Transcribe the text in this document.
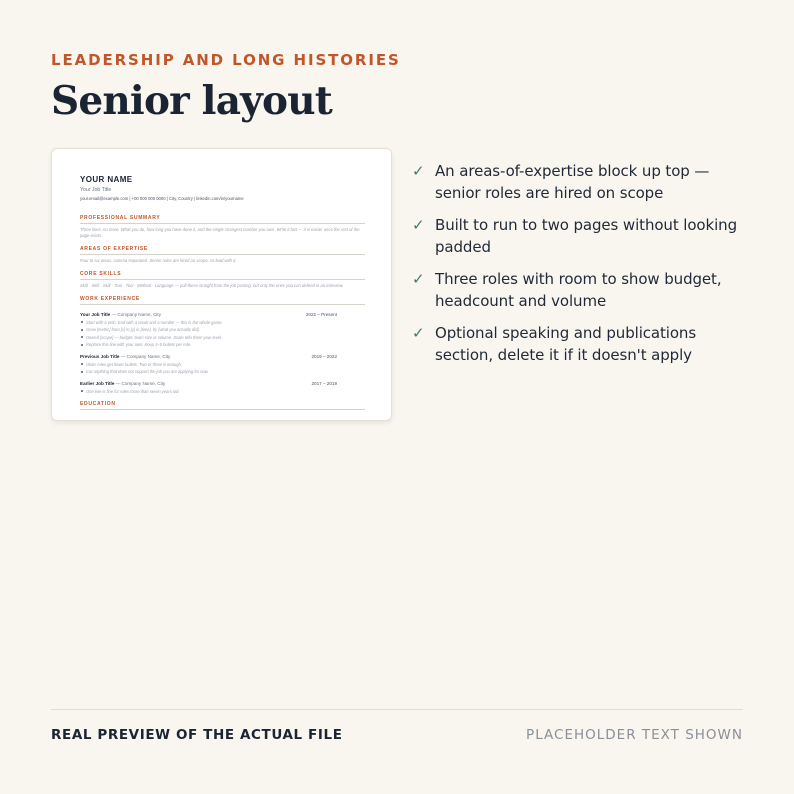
LEADERSHIP AND LONG HISTORIES
Senior layout
YOUR NAME
Your Job Title
your.email@example.com | +00 000 000 0000 | City, Country | linkedin.com/in/yourname
PROFESSIONAL SUMMARY
Three lines, no more. What you do, how long you have done it, and the single strongest number you own. Write it last — it is easier once the rest of the page exists.
AREAS OF EXPERTISE
Four to six areas, comma separated. Senior roles are hired on scope, so lead with it.
CORE SKILLS
Skill · Skill · Skill · Tool · Tool · Method · Language — pull these straight from the job posting, but only the ones you can defend in an interview.
WORK EXPERIENCE
Your Job Title — Company Name, City	2022 – Present
Start with a verb. End with a result and a number — this is the whole game.
Grew [metric] from [x] to [y] in [time], by [what you actually did].
Owned [scope] — budget, team size or volume. Scale tells them your level.
Replace this line with your own. Keep 3–5 bullets per role.
Previous Job Title — Company Name, City	2019 – 2022
Older roles get fewer bullets. Two or three is enough.
Cut anything that does not support the job you are applying for now.
Earlier Job Title — Company Name, City	2017 – 2019
One line is fine for roles more than seven years old.
EDUCATION
✓ An areas-of-expertise block up top — senior roles are hired on scope
✓ Built to run to two pages without looking padded
✓ Three roles with room to show budget, headcount and volume
✓ Optional speaking and publications section, delete it if it doesn't apply
REAL PREVIEW OF THE ACTUAL FILE	PLACEHOLDER TEXT SHOWN
